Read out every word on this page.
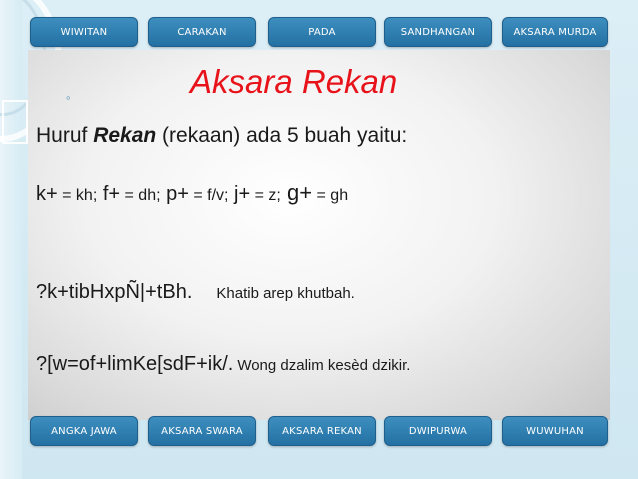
WIWITAN	CARAKAN	PADA	SANDHANGAN	AKSARA MURDA
◦	Aksara Rekan
Huruf Rekan (rekaan) ada 5 buah yaitu:
k+ = kh; f+ = dh; p+ = f/v; j+ = z; g+ = gh
?k+tibHxpÑ|+tBh. Khatib arep khutbah.
?[w=of+limKe[sdF+ik/. Wong dzalim kesèd dzikir.
ANGKA JAWA	AKSARA SWARA	AKSARA REKAN	DWIPURWA	WUWUHAN
